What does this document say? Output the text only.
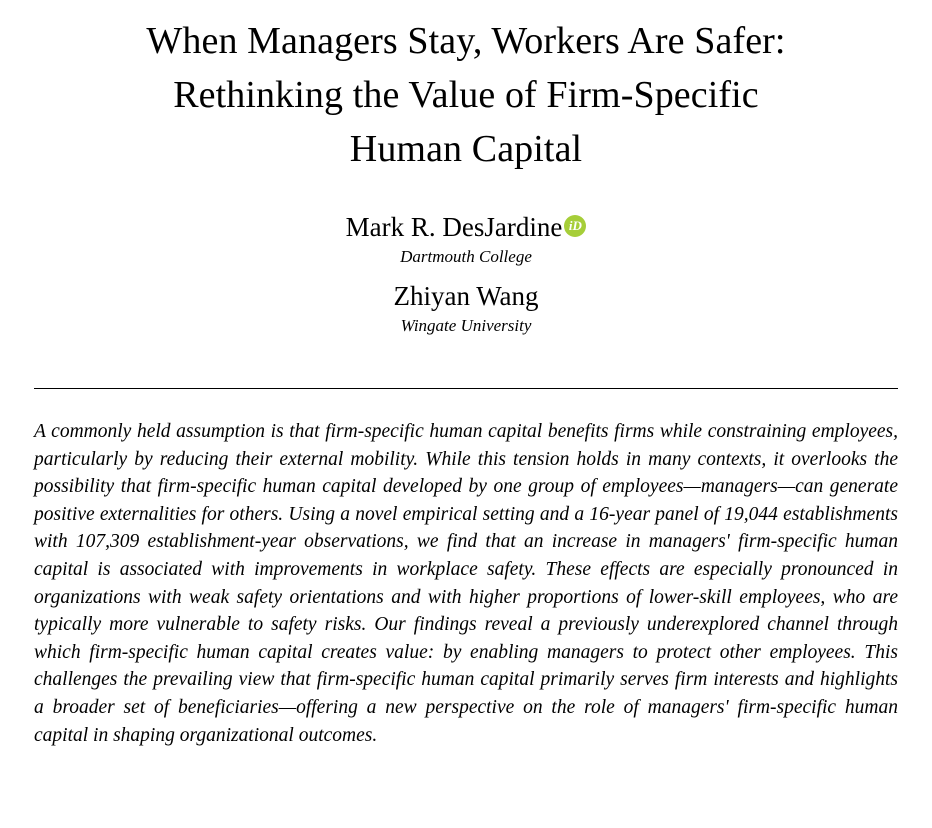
When Managers Stay, Workers Are Safer:
Rethinking the Value of Firm-Specific
Human Capital
Mark R. DesJardine iD
Dartmouth College
Zhiyan Wang
Wingate University
A commonly held assumption is that firm-specific human capital benefits firms while constraining employees, particularly by reducing their external mobility. While this tension holds in many contexts, it overlooks the possibility that firm-specific human capital developed by one group of employees—managers—can generate positive externalities for others. Using a novel empirical setting and a 16-year panel of 19,044 establishments with 107,309 establishment-year observations, we find that an increase in managers' firm-specific human capital is associated with improvements in workplace safety. These effects are especially pronounced in organizations with weak safety orientations and with higher proportions of lower-skill employees, who are typically more vulnerable to safety risks. Our findings reveal a previously underexplored channel through which firm-specific human capital creates value: by enabling managers to protect other employees. This challenges the prevailing view that firm-specific human capital primarily serves firm interests and highlights a broader set of beneficiaries—offering a new perspective on the role of managers' firm-specific human capital in shaping organizational outcomes.
